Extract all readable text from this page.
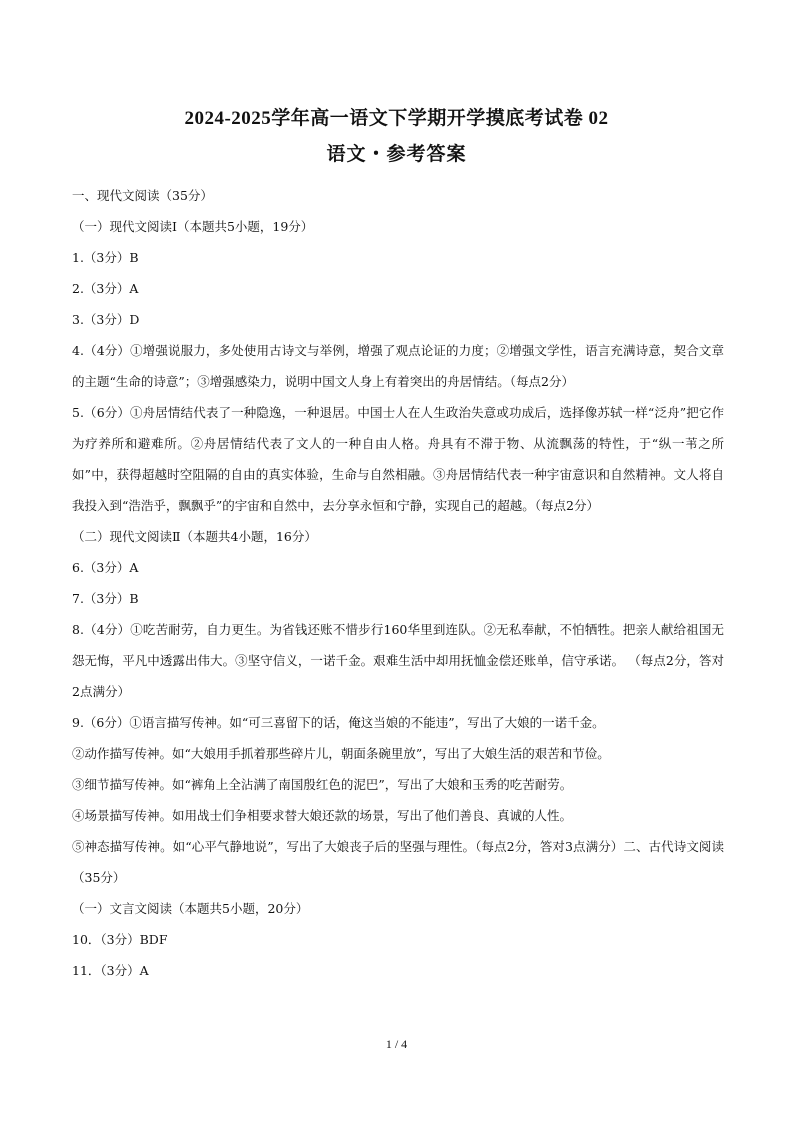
2024-2025学年高一语文下学期开学摸底考试卷 02
语文・参考答案

一、现代文阅读（35分）

（一）现代文阅读Ⅰ（本题共5小题，19分）

1.（3分）B

2.（3分）A

3.（3分）D

4.（4分）①增强说服力，多处使用古诗文与举例，增强了观点论证的力度；②增强文学性，语言充满诗意，契合文章的主题“生命的诗意”；③增强感染力，说明中国文人身上有着突出的舟居情结。（每点2分）

5.（6分）①舟居情结代表了一种隐逸，一种退居。中国士人在人生政治失意或功成后，选择像苏轼一样“泛舟”把它作为疗养所和避难所。②舟居情结代表了文人的一种自由人格。舟具有不滞于物、从流飘荡的特性，于“纵一苇之所如”中，获得超越时空阻隔的自由的真实体验，生命与自然相融。③舟居情结代表一种宇宙意识和自然精神。文人将自我投入到“浩浩乎，飘飘乎”的宇宙和自然中，去分享永恒和宁静，实现自己的超越。（每点2分）

（二）现代文阅读Ⅱ（本题共4小题，16分）

6.（3分）A

7.（3分）B

8.（4分）①吃苦耐劳，自力更生。为省钱还账不惜步行160华里到连队。②无私奉献，不怕牺牲。把亲人献给祖国无怨无悔，平凡中透露出伟大。③坚守信义，一诺千金。艰难生活中却用抚恤金偿还账单，信守承诺。 （每点2分，答对2点满分）

9.（6分）①语言描写传神。如“可三喜留下的话，俺这当娘的不能违”，写出了大娘的一诺千金。

②动作描写传神。如“大娘用手抓着那些碎片儿，朝面条碗里放”，写出了大娘生活的艰苦和节俭。

③细节描写传神。如“裤角上全沾满了南国殷红色的泥巴”，写出了大娘和玉秀的吃苦耐劳。

④场景描写传神。如用战士们争相要求替大娘还款的场景，写出了他们善良、真诚的人性。

⑤神态描写传神。如“心平气静地说”，写出了大娘丧子后的坚强与理性。（每点2分，答对3点满分）二、古代诗文阅读（35分）

（一）文言文阅读（本题共5小题，20分）

10．（3分）BDF

11．（3分）A

1 / 4
